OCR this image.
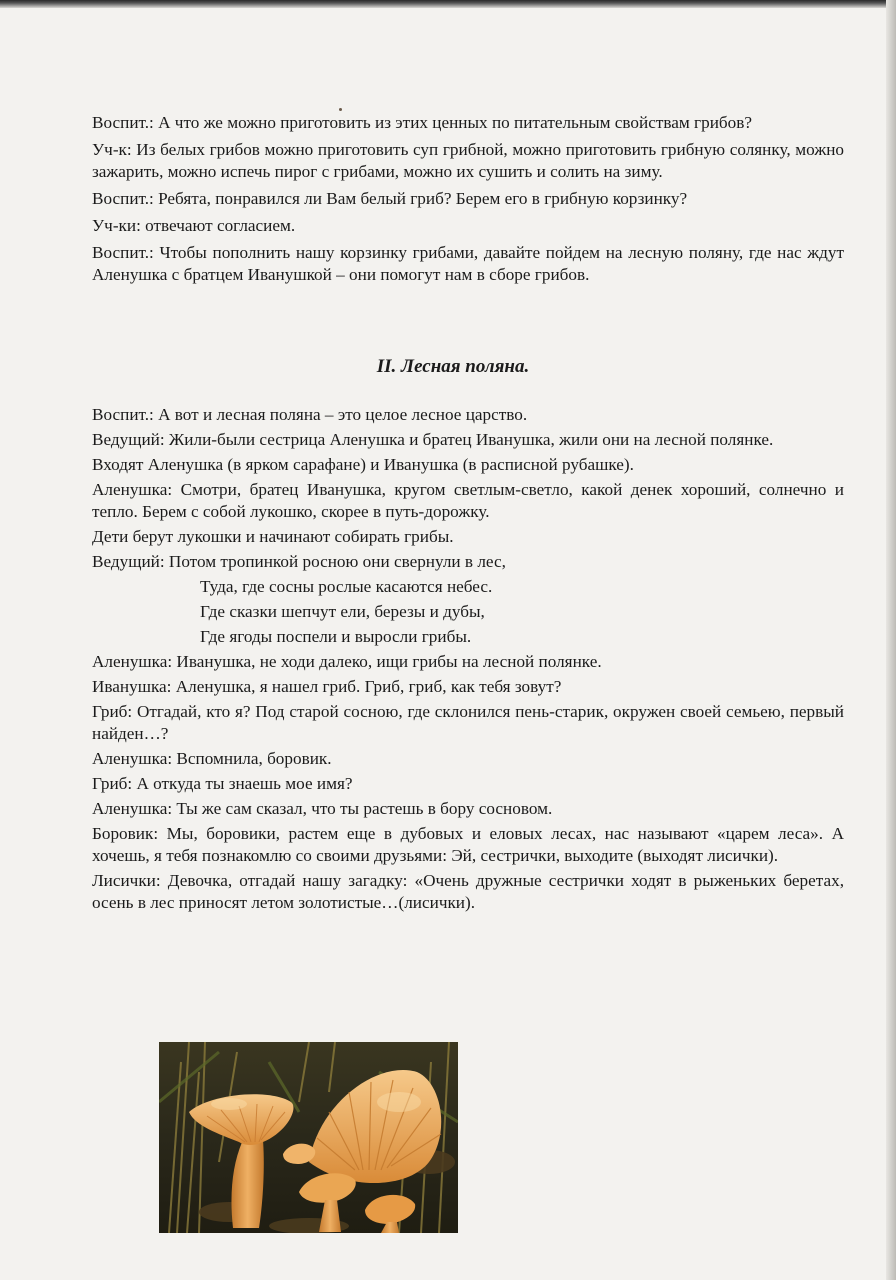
Воспит.: А что же можно приготовить из этих ценных по питательным свойствам грибов?

Уч-к: Из белых грибов можно приготовить суп грибной, можно приготовить грибную солянку, можно зажарить, можно испечь пирог с грибами, можно их сушить и солить на зиму.

Воспит.: Ребята, понравился ли Вам белый гриб? Берем его в грибную корзинку?

Уч-ки: отвечают согласием.

Воспит.: Чтобы пополнить нашу корзинку грибами, давайте пойдем на лесную поляну, где нас ждут Аленушка с братцем Иванушкой – они помогут нам в сборе грибов.

II. Лесная поляна.

Воспит.: А вот и лесная поляна – это целое лесное царство.

Ведущий: Жили-были сестрица Аленушка и братец Иванушка, жили они на лесной полянке.

Входят Аленушка (в ярком сарафане) и Иванушка (в расписной рубашке).

Аленушка: Смотри, братец Иванушка, кругом светлым-светло, какой денек хороший, солнечно и тепло. Берем с собой лукошко, скорее в путь-дорожку.

Дети берут лукошки и начинают собирать грибы.

Ведущий: Потом тропинкой росною они свернули в лес,

Туда, где сосны рослые касаются небес.

Где сказки шепчут ели, березы и дубы,

Где ягоды поспели и выросли грибы.

Аленушка: Иванушка, не ходи далеко, ищи грибы на лесной полянке.

Иванушка: Аленушка, я нашел гриб. Гриб, гриб, как тебя зовут?

Гриб: Отгадай, кто я? Под старой сосною, где склонился пень-старик, окружен своей семьею, первый найден…?

Аленушка: Вспомнила, боровик.

Гриб: А откуда ты знаешь мое имя?

Аленушка: Ты же сам сказал, что ты растешь в бору сосновом.

Боровик: Мы, боровики, растем еще в дубовых и еловых лесах, нас называют «царем леса». А хочешь, я тебя познакомлю со своими друзьями: Эй, сестрички, выходите (выходят лисички).

Лисички: Девочка, отгадай нашу загадку: «Очень дружные сестрички ходят в рыженьких беретах, осень в лес приносят летом золотистые…(лисички).
